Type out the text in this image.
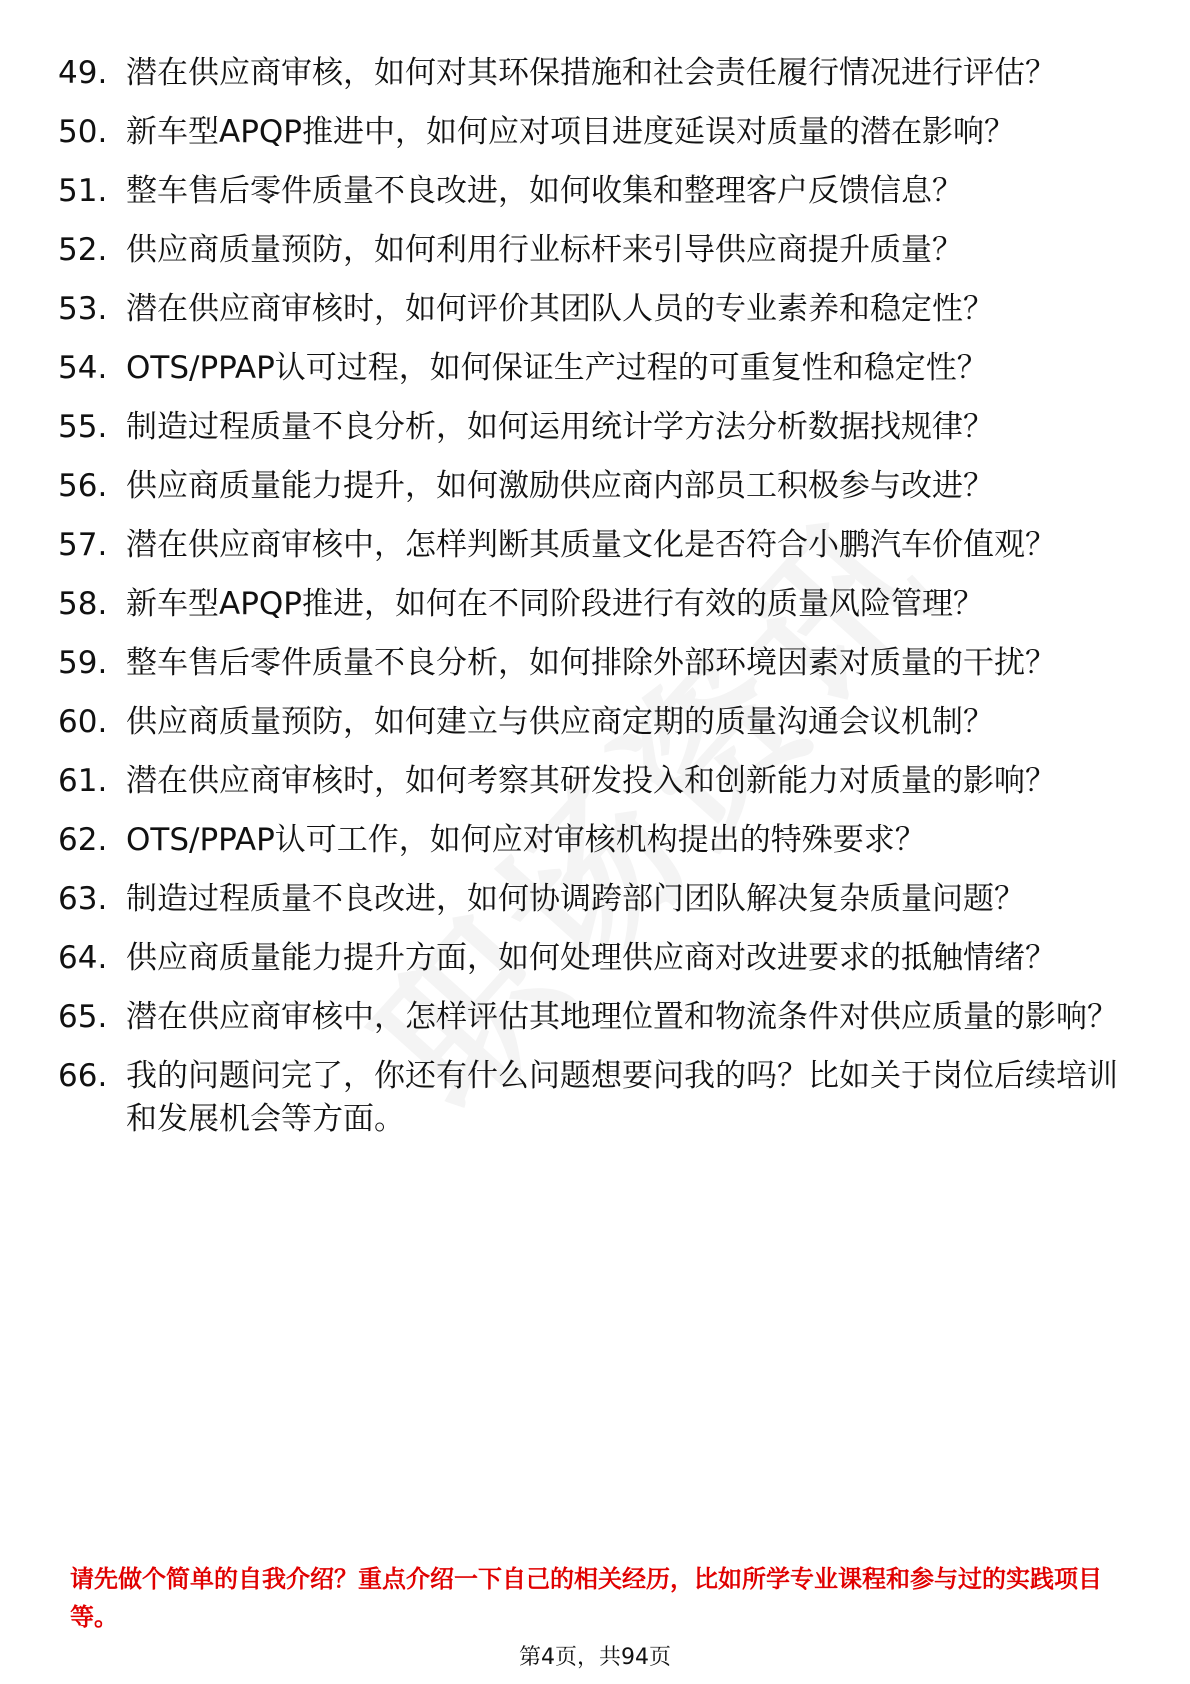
49. 潜在供应商审核，如何对其环保措施和社会责任履行情况进行评估？
50. 新车型APQP推进中，如何应对项目进度延误对质量的潜在影响？
51. 整车售后零件质量不良改进，如何收集和整理客户反馈信息？
52. 供应商质量预防，如何利用行业标杆来引导供应商提升质量？
53. 潜在供应商审核时，如何评价其团队人员的专业素养和稳定性？
54. OTS/PPAP认可过程，如何保证生产过程的可重复性和稳定性？
55. 制造过程质量不良分析，如何运用统计学方法分析数据找规律？
56. 供应商质量能力提升，如何激励供应商内部员工积极参与改进？
57. 潜在供应商审核中，怎样判断其质量文化是否符合小鹏汽车价值观？
58. 新车型APQP推进，如何在不同阶段进行有效的质量风险管理？
59. 整车售后零件质量不良分析，如何排除外部环境因素对质量的干扰？
60. 供应商质量预防，如何建立与供应商定期的质量沟通会议机制？
61. 潜在供应商审核时，如何考察其研发投入和创新能力对质量的影响？
62. OTS/PPAP认可工作，如何应对审核机构提出的特殊要求？
63. 制造过程质量不良改进，如何协调跨部门团队解决复杂质量问题？
64. 供应商质量能力提升方面，如何处理供应商对改进要求的抵触情绪？
65. 潜在供应商审核中，怎样评估其地理位置和物流条件对供应质量的影响？
66. 我的问题问完了，你还有什么问题想要问我的吗？比如关于岗位后续培训和发展机会等方面。
请先做个简单的自我介绍？重点介绍一下自己的相关经历，比如所学专业课程和参与过的实践项目等。
第4页，共94页
